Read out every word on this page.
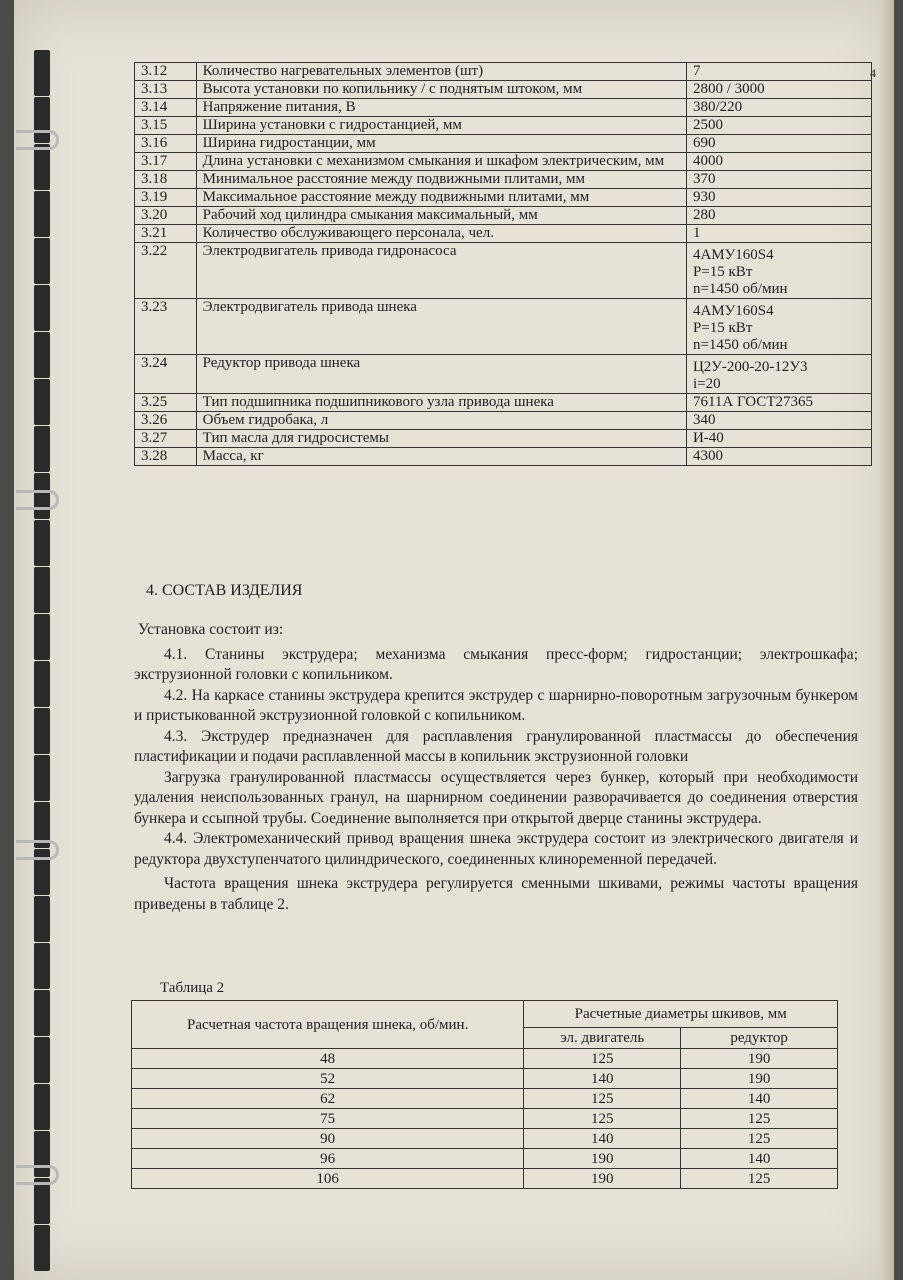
4
3.12	Количество нагревательных элементов (шт)	7
3.13	Высота установки по копильнику / с поднятым штоком, мм	2800 / 3000
3.14	Напряжение питания, В	380/220
3.15	Ширина установки с гидростанцией, мм	2500
3.16	Ширина гидростанции, мм	690
3.17	Длина установки с механизмом смыкания и шкафом электрическим, мм	4000
3.18	Минимальное расстояние между подвижными плитами, мм	370
3.19	Максимальное расстояние между подвижными плитами, мм	930
3.20	Рабочий ход цилиндра смыкания максимальный, мм	280
3.21	Количество обслуживающего персонала, чел.	1
3.22	Электродвигатель привода гидронасоса	4АМУ160S4
P=15 кВт
n=1450 об/мин
3.23	Электродвигатель привода шнека	4АМУ160S4
P=15 кВт
n=1450 об/мин
3.24	Редуктор привода шнека	Ц2У-200-20-12У3
i=20
3.25	Тип подшипника подшипникового узла привода шнека	7611А ГОСТ27365
3.26	Объем гидробака, л	340
3.27	Тип масла для гидросистемы	И-40
3.28	Масса, кг	4300
4. СОСТАВ ИЗДЕЛИЯ

Установка состоит из:

4.1. Станины экструдера; механизма смыкания пресс-форм; гидростанции; электрошкафа; экструзионной головки с копильником.

4.2. На каркасе станины экструдера крепится экструдер с шарнирно-поворотным загрузочным бункером и пристыкованной экструзионной головкой с копильником.

4.3. Экструдер предназначен для расплавления гранулированной пластмассы до обеспечения пластификации и подачи расплавленной массы в копильник экструзионной головки

Загрузка гранулированной пластмассы осуществляется через бункер, который при необходимости удаления неиспользованных гранул, на шарнирном соединении разворачивается до соединения отверстия бункера и ссыпной трубы. Соединение выполняется при открытой дверце станины экструдера.

4.4. Электромеханический привод вращения шнека экструдера состоит из электрического двигателя и редуктора двухступенчатого цилиндрического, соединенных клиноременной передачей.

Частота вращения шнека экструдера регулируется сменными шкивами, режимы частоты вращения приведены в таблице 2.

Таблица 2
Расчетная частота вращения шнека, об/мин.	Расчетные диаметры шкивов, мм	
	эл. двигатель	редуктор
48	125	190
52	140	190
62	125	140
75	125	125
90	140	125
96	190	140
106	190	125
